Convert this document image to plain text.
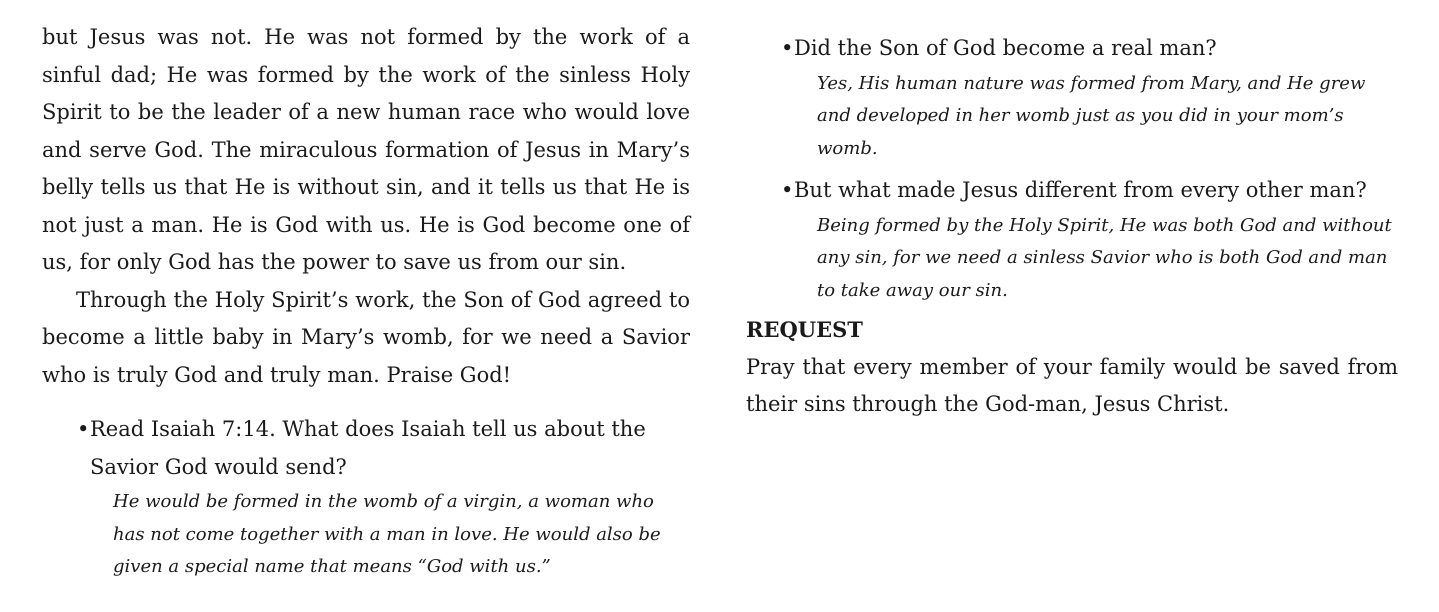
but Jesus was not. He was not formed by the work of a sinful dad; He was formed by the work of the sinless Holy Spirit to be the leader of a new human race who would love and serve God. The miraculous formation of Jesus in Mary’s belly tells us that He is without sin, and it tells us that He is not just a man. He is God with us. He is God become one of us, for only God has the power to save us from our sin.

Through the Holy Spirit’s work, the Son of God agreed to become a little baby in Mary’s womb, for we need a Savior who is truly God and truly man. Praise God!

• Read Isaiah 7:14. What does Isaiah tell us about the Savior God would send?

He would be formed in the womb of a virgin, a woman who has not come together with a man in love. He would also be given a special name that means “God with us.”

• Did the Son of God become a real man?

Yes, His human nature was formed from Mary, and He grew and developed in her womb just as you did in your mom’s womb.

• But what made Jesus different from every other man?

Being formed by the Holy Spirit, He was both God and without any sin, for we need a sinless Savior who is both God and man to take away our sin.

REQUEST

Pray that every member of your family would be saved from their sins through the God-man, Jesus Christ.
